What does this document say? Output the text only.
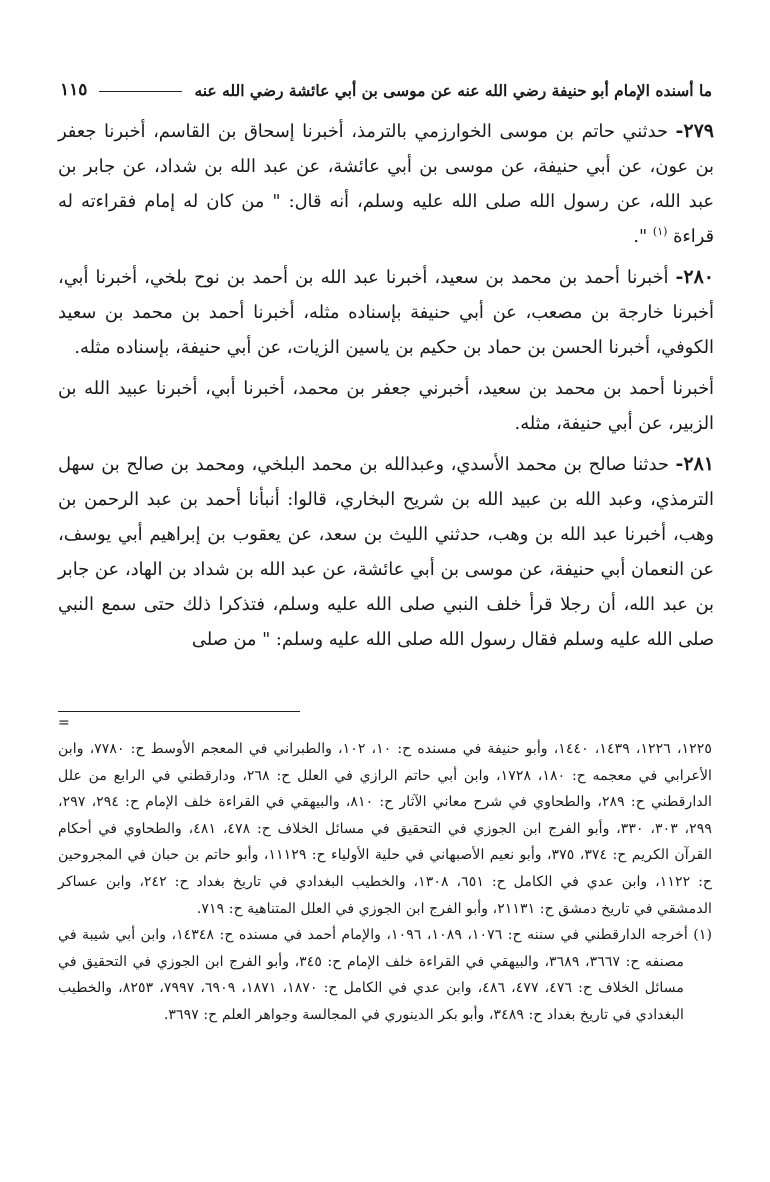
ما أسنده الإمام أبو حنيفة رضي الله عنه عن موسى بن أبي عائشة رضي الله عنه
١١٥

٢٧٩- حدثني حاتم بن موسى الخوارزمي بالترمذ، أخبرنا إسحاق بن القاسم، أخبرنا جعفر بن عون، عن أبي حنيفة، عن موسى بن أبي عائشة، عن عبد الله بن شداد، عن جابر بن عبد الله، عن رسول الله صلى الله عليه وسلم، أنه قال: " من كان له إمام فقراءته له قراءة $^{(١)}$ ".

٢٨٠- أخبرنا أحمد بن محمد بن سعيد، أخبرنا عبد الله بن أحمد بن نوح بلخي، أخبرنا أبي، أخبرنا خارجة بن مصعب، عن أبي حنيفة بإسناده مثله، أخبرنا أحمد بن محمد بن سعيد الكوفي، أخبرنا الحسن بن حماد بن حكيم بن ياسين الزيات، عن أبي حنيفة، بإسناده مثله.

أخبرنا أحمد بن محمد بن سعيد، أخبرني جعفر بن محمد، أخبرنا أبي، أخبرنا عبيد الله بن الزبير، عن أبي حنيفة، مثله.

٢٨١- حدثنا صالح بن محمد الأسدي، وعبدالله بن محمد البلخي، ومحمد بن صالح بن سهل الترمذي، وعبد الله بن عبيد الله بن شريح البخاري، قالوا: أنبأنا أحمد بن عبد الرحمن بن وهب، أخبرنا عبد الله بن وهب، حدثني الليث بن سعد، عن يعقوب بن إبراهيم أبي يوسف، عن النعمان أبي حنيفة، عن موسى بن أبي عائشة، عن عبد الله بن شداد بن الهاد، عن جابر بن عبد الله، أن رجلا قرأ خلف النبي صلى الله عليه وسلم، فتذكرا ذلك حتى سمع النبي صلى الله عليه وسلم فقال رسول الله صلى الله عليه وسلم: " من صلى

=

١٢٢٥، ١٢٢٦، ١٤٣٩، ١٤٤٠، وأبو حنيفة في مسنده ح: ١٠، ١٠٢، والطبراني في المعجم الأوسط ح: ٧٧٨٠، وابن الأعرابي في معجمه ح: ١٨٠، ١٧٢٨، وابن أبي حاتم الرازي في العلل ح: ٢٦٨، ودارقطني في الرابع من علل الدارقطني ح: ٢٨٩، والطحاوي في شرح معاني الآثار ح: ٨١٠، والبيهقي في القراءة خلف الإمام ح: ٢٩٤، ٢٩٧، ٢٩٩، ٣٠٣، ٣٣٠، وأبو الفرج ابن الجوزي في التحقيق في مسائل الخلاف ح: ٤٧٨، ٤٨١، والطحاوي في أحكام القرآن الكريم ح: ٣٧٤، ٣٧٥، وأبو نعيم الأصبهاني في حلية الأولياء ح: ١١١٢٩، وأبو حاتم بن حبان في المجروحين ح: ١١٢٢، وابن عدي في الكامل ح: ٦٥١، ١٣٠٨، والخطيب البغدادي في تاريخ بغداد ح: ٢٤٢، وابن عساكر الدمشقي في تاريخ دمشق ح: ٢١١٣١، وأبو الفرج ابن الجوزي في العلل المتناهية ح: ٧١٩.

(١) أخرجه الدارقطني في سننه ح: ١٠٧٦، ١٠٨٩، ١٠٩٦، والإمام أحمد في مسنده ح: ١٤٣٤٨، وابن أبي شيبة في مصنفه ح: ٣٦٦٧، ٣٦٨٩، والبيهقي في القراءة خلف الإمام ح: ٣٤٥، وأبو الفرج ابن الجوزي في التحقيق في مسائل الخلاف ح: ٤٧٦، ٤٧٧، ٤٨٦، وابن عدي في الكامل ح: ١٨٧٠، ١٨٧١، ٦٩٠٩، ٧٩٩٧، ٨٢٥٣، والخطيب البغدادي في تاريخ بغداد ح: ٣٤٨٩، وأبو بكر الدينوري في المجالسة وجواهر العلم ح: ٣٦٩٧.
